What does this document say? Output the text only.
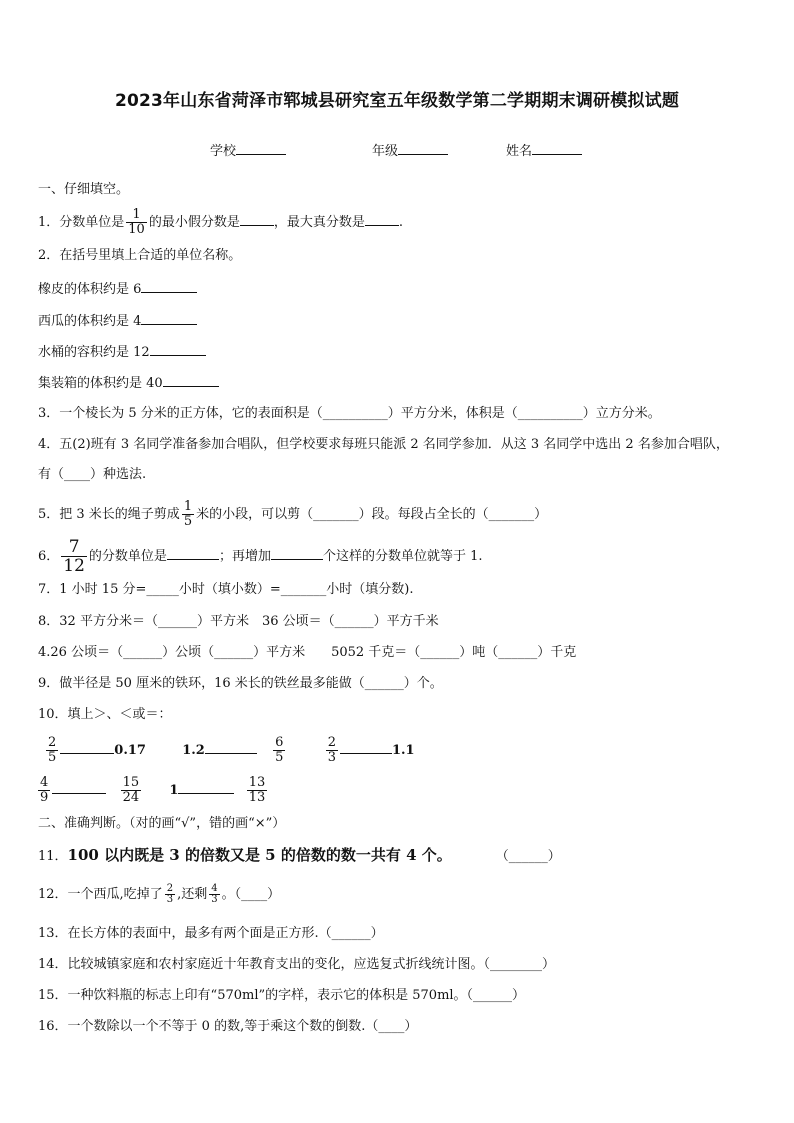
2023年山东省菏泽市郓城县研究室五年级数学第二学期期末调研模拟试题
学校	年级	姓名
一、仔细填空。
1．分数单位是 $\frac{1}{10}$ 的最小假分数是	，最大真分数是	.
2．在括号里填上合适的单位名称。
橡皮的体积约是 6
西瓜的体积约是 4
水桶的容积约是 12
集装箱的体积约是 40
3．一个棱长为 5 分米的正方体，它的表面积是（__________）平方分米，体积是（__________）立方分米。
4．五(2)班有 3 名同学准备参加合唱队，但学校要求每班只能派 2 名同学参加．从这 3 名同学中选出 2 名参加合唱队，
有（____）种选法.
5．把 3 米长的绳子剪成 $\frac{1}{5}$ 米的小段，可以剪（_______）段。每段占全长的（_______）
6． $\frac{7}{12}$ 的分数单位是	；再增加	个这样的分数单位就等于 1.
7．1 小时 15 分=_____小时（填小数）=_______小时（填分数).
8．32 平方分米＝（______）平方米　36 公顷＝（______）平方千米
4.26 公顷＝（______）公顷（______）平方米　　5052 千克＝（______）吨（______）千克
9．做半径是 50 厘米的铁环，16 米长的铁丝最多能做（______）个。
10．填上＞、＜或＝：
$\frac{2}{5}$	0.17	1.2	$\frac{6}{5}$
	$\frac{2}{3}$	1.1
$\frac{4}{9}$
	$\frac{15}{24} 1$	$\frac{13}{13}$
二、准确判断。（对的画“√”，错的画“×”）
11．100 以内既是 3 的倍数又是 5 的倍数的数一共有 4 个。	（______）
12．一个西瓜,吃掉了 $\frac{2}{3}$ ,还剩 $\frac{4}{3}$ 。（____）
13．在长方体的表面中，最多有两个面是正方形.（______）
14．比较城镇家庭和农村家庭近十年教育支出的变化，应选复式折线统计图。（________）
15．一种饮料瓶的标志上印有“570ml”的字样，表示它的体积是 570ml。（______）
16．一个数除以一个不等于 0 的数,等于乘这个数的倒数.（____）
